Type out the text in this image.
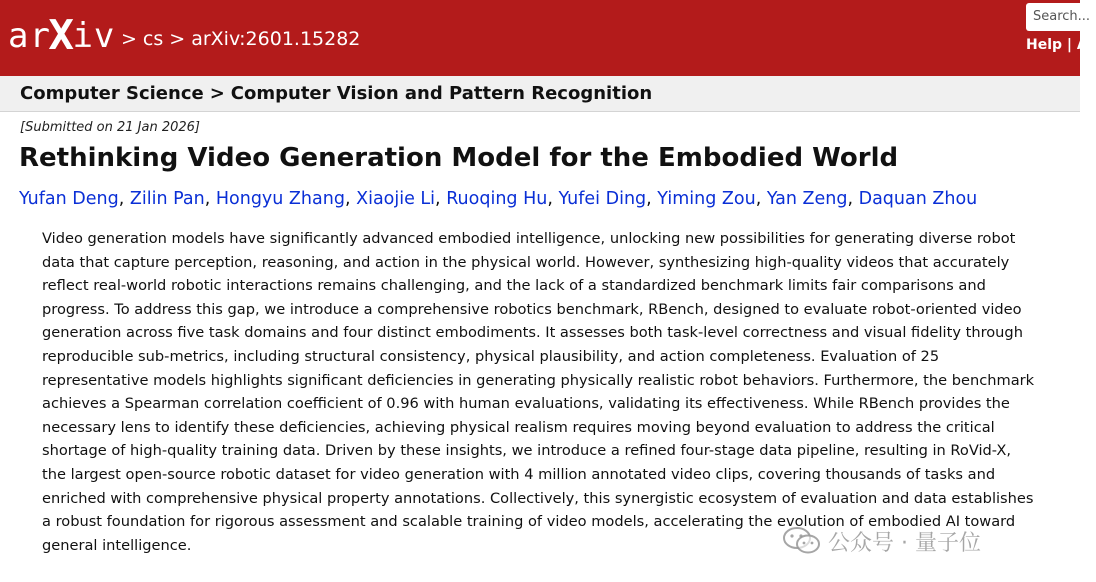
arXiv > cs > arXiv:2601.15282
Search...
Help | A
Computer Science > Computer Vision and Pattern Recognition
[Submitted on 21 Jan 2026]
Rethinking Video Generation Model for the Embodied World
Yufan Deng, Zilin Pan, Hongyu Zhang, Xiaojie Li, Ruoqing Hu, Yufei Ding, Yiming Zou, Yan Zeng, Daquan Zhou
Video generation models have significantly advanced embodied intelligence, unlocking new possibilities for generating diverse robot
data that capture perception, reasoning, and action in the physical world. However, synthesizing high-quality videos that accurately
reflect real-world robotic interactions remains challenging, and the lack of a standardized benchmark limits fair comparisons and
progress. To address this gap, we introduce a comprehensive robotics benchmark, RBench, designed to evaluate robot-oriented video
generation across five task domains and four distinct embodiments. It assesses both task-level correctness and visual fidelity through
reproducible sub-metrics, including structural consistency, physical plausibility, and action completeness. Evaluation of 25
representative models highlights significant deficiencies in generating physically realistic robot behaviors. Furthermore, the benchmark
achieves a Spearman correlation coefficient of 0.96 with human evaluations, validating its effectiveness. While RBench provides the
necessary lens to identify these deficiencies, achieving physical realism requires moving beyond evaluation to address the critical
shortage of high-quality training data. Driven by these insights, we introduce a refined four-stage data pipeline, resulting in RoVid-X,
the largest open-source robotic dataset for video generation with 4 million annotated video clips, covering thousands of tasks and
enriched with comprehensive physical property annotations. Collectively, this synergistic ecosystem of evaluation and data establishes
a robust foundation for rigorous assessment and scalable training of video models, accelerating the evolution of embodied AI toward
general intelligence.	公众号 · 量子位
